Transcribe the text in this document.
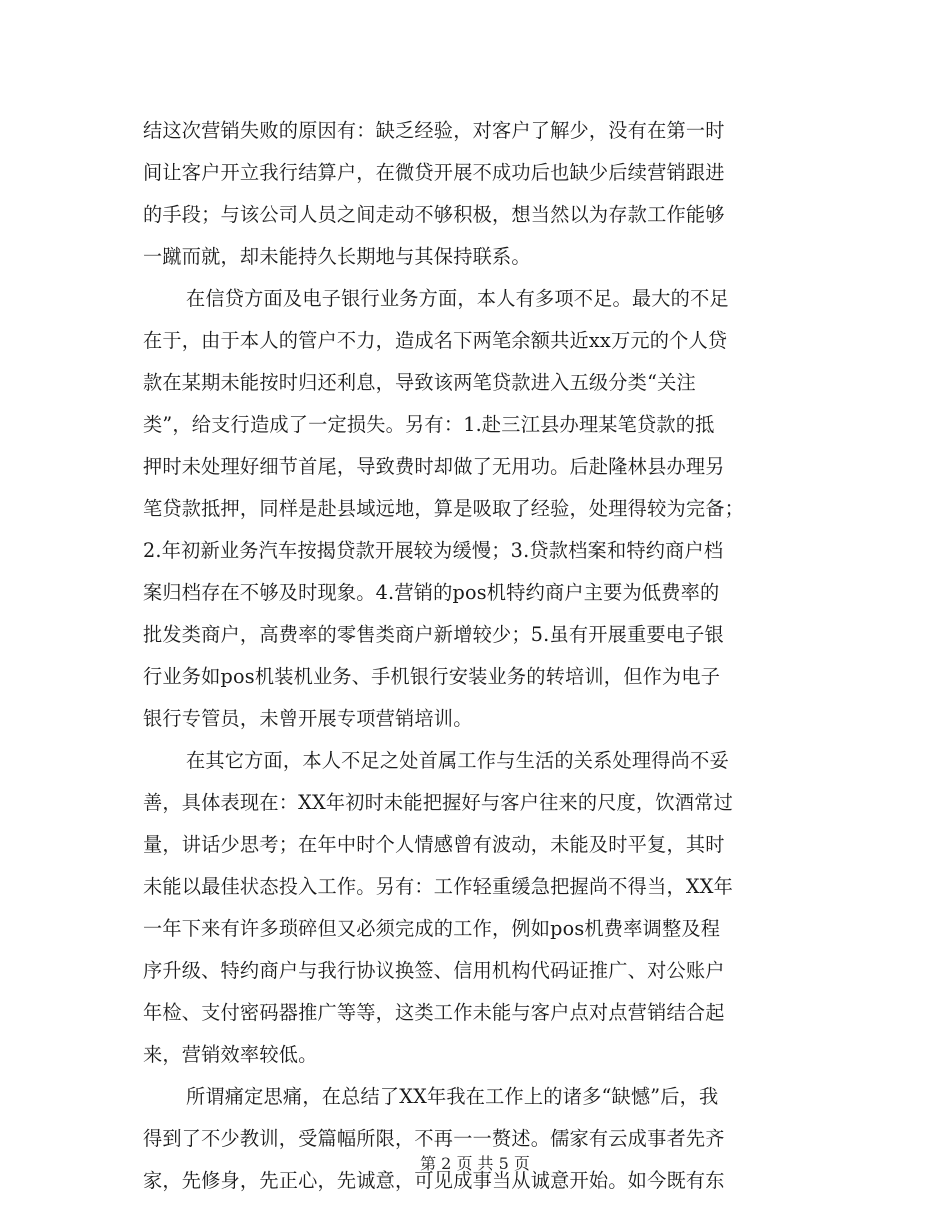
结这次营销失败的原因有：缺乏经验，对客户了解少，没有在第一时
间让客户开立我行结算户，在微贷开展不成功后也缺少后续营销跟进
的手段；与该公司人员之间走动不够积极，想当然以为存款工作能够
一蹴而就，却未能持久长期地与其保持联系。
在信贷方面及电子银行业务方面，本人有多项不足。最大的不足
在于，由于本人的管户不力，造成名下两笔余额共近xx万元的个人贷
款在某期未能按时归还利息，导致该两笔贷款进入五级分类“关注
类”，给支行造成了一定损失。另有：1.赴三江县办理某笔贷款的抵
押时未处理好细节首尾，导致费时却做了无用功。后赴隆林县办理另
笔贷款抵押，同样是赴县域远地，算是吸取了经验，处理得较为完备；
2.年初新业务汽车按揭贷款开展较为缓慢；3.贷款档案和特约商户档
案归档存在不够及时现象。4.营销的pos机特约商户主要为低费率的
批发类商户，高费率的零售类商户新增较少；5.虽有开展重要电子银
行业务如pos机装机业务、手机银行安装业务的转培训，但作为电子
银行专管员，未曾开展专项营销培训。
在其它方面，本人不足之处首属工作与生活的关系处理得尚不妥
善，具体表现在：XX年初时未能把握好与客户往来的尺度，饮酒常过
量，讲话少思考；在年中时个人情感曾有波动，未能及时平复，其时
未能以最佳状态投入工作。另有：工作轻重缓急把握尚不得当，XX年
一年下来有许多琐碎但又必须完成的工作，例如pos机费率调整及程
序升级、特约商户与我行协议换签、信用机构代码证推广、对公账户
年检、支付密码器推广等等，这类工作未能与客户点对点营销结合起
来，营销效率较低。
所谓痛定思痛，在总结了XX年我在工作上的诸多“缺憾”后，我
得到了不少教训，受篇幅所限，不再一一赘述。儒家有云成事者先齐
家，先修身，先正心，先诚意，可见成事当从诚意开始。如今既有东
第 2 页 共 5 页
